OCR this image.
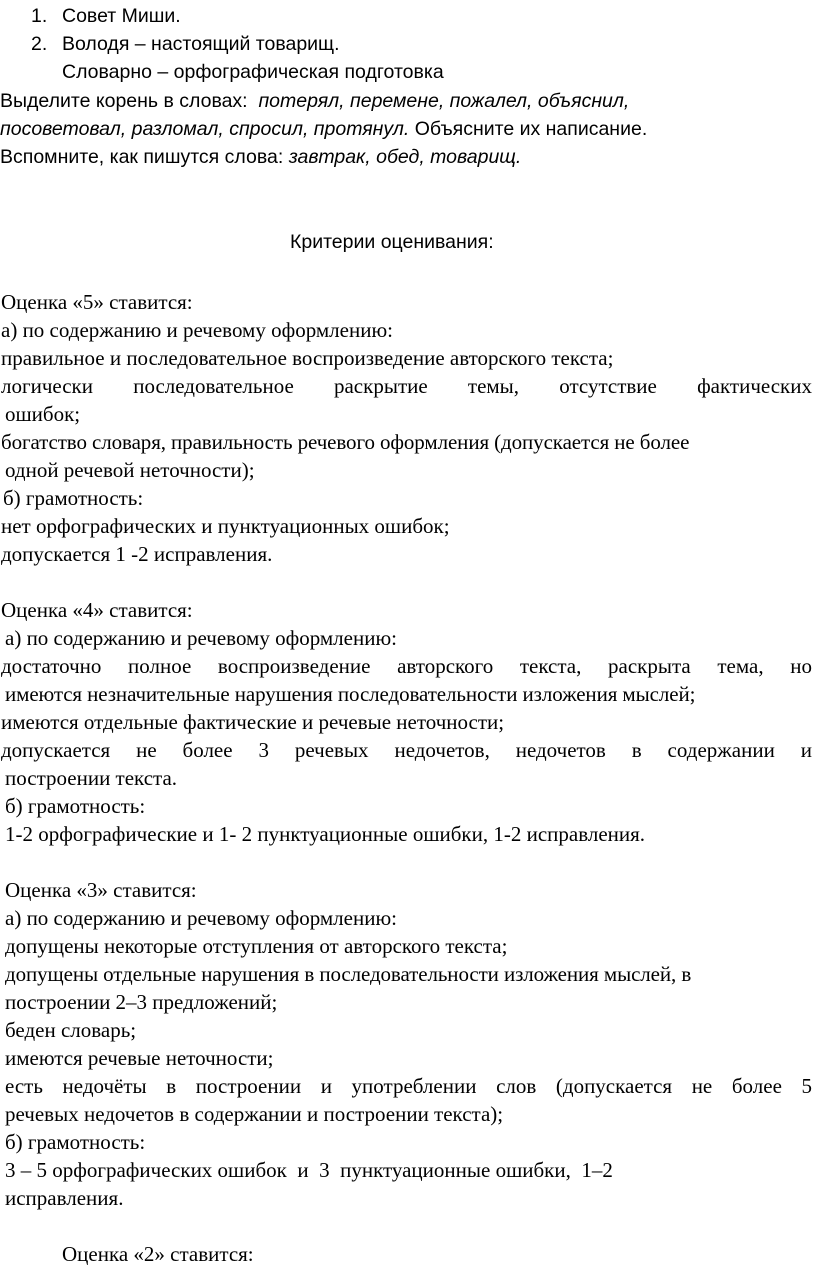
1. Совет Миши.
2. Володя – настоящий товарищ.
Словарно – орфографическая подготовка
Выделите корень в словах: потерял, перемене, пожалел, объяснил,
посоветовал, разломал, спросил, протянул. Объясните их написание.
Вспомните, как пишутся слова: завтрак, обед, товарищ.
Критерии оценивания:
Оценка «5» ставится:
а) по содержанию и речевому оформлению:
правильное и последовательное воспроизведение авторского текста;
логически последовательное раскрытие темы, отсутствие фактических
ошибок;
богатство словаря, правильность речевого оформления (допускается не более
одной речевой неточности);
б) грамотность:
нет орфографических и пунктуационных ошибок;
допускается 1 -2 исправления.
Оценка «4» ставится:
а) по содержанию и речевому оформлению:
достаточно полное воспроизведение авторского текста, раскрыта тема, но
имеются незначительные нарушения последовательности изложения мыслей;
имеются отдельные фактические и речевые неточности;
допускается не более 3 речевых недочетов, недочетов в содержании и
построении текста.
б) грамотность:
1-2 орфографические и 1- 2 пунктуационные ошибки, 1-2 исправления.
Оценка «3» ставится:
а) по содержанию и речевому оформлению:
допущены некоторые отступления от авторского текста;
допущены отдельные нарушения в последовательности изложения мыслей, в
построении 2–3 предложений;
беден словарь;
имеются речевые неточности;
есть недочёты в построении и употреблении слов (допускается не более 5
речевых недочетов в содержании и построении текста);
б) грамотность:
3 – 5 орфографических ошибок  и  3  пунктуационные ошибки,  1–2
исправления.
Оценка «2» ставится:
